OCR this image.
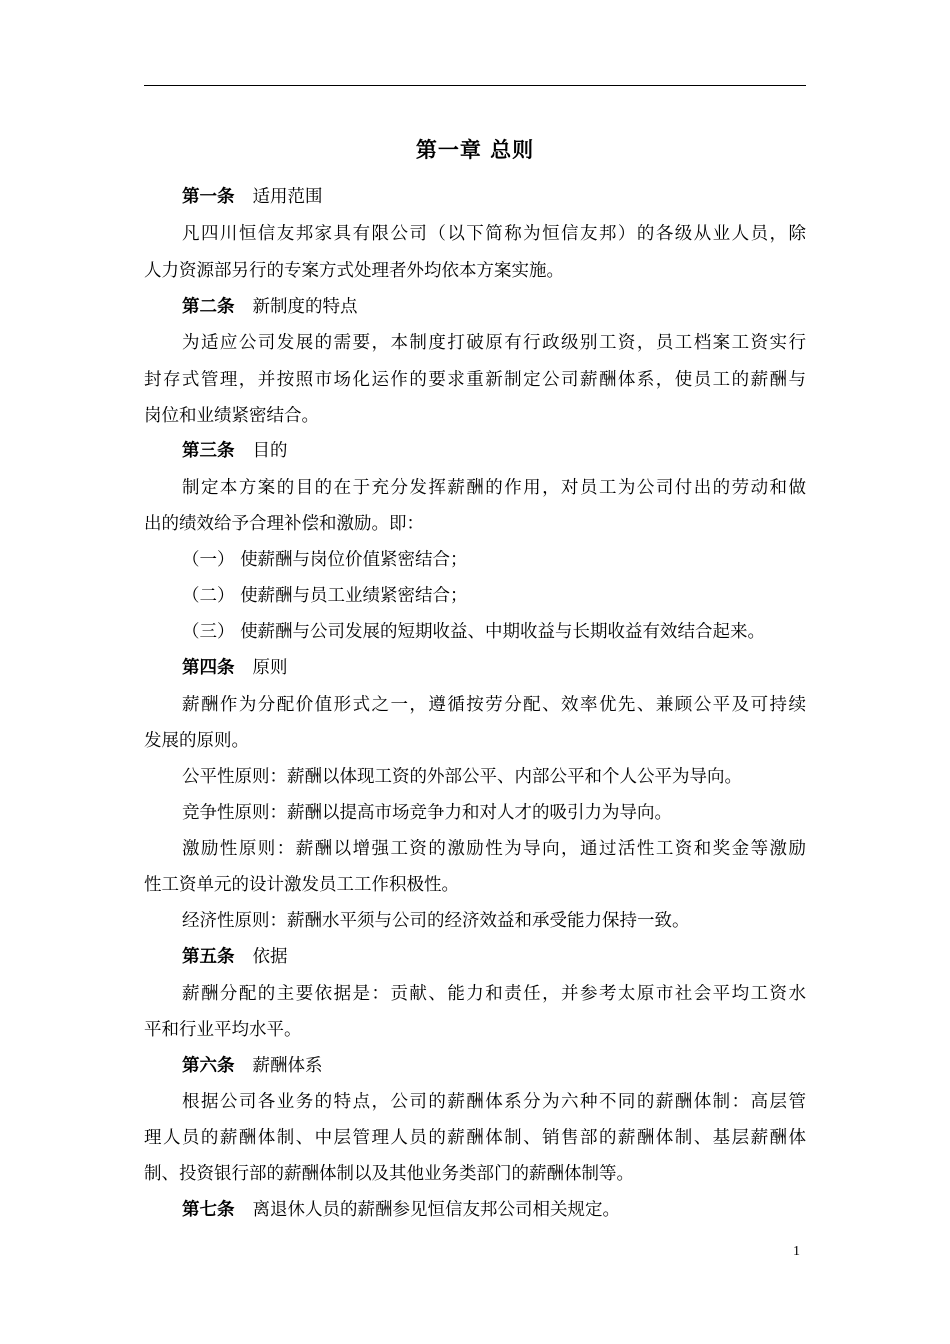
第一章 总则
第一条 适用范围
凡四川恒信友邦家具有限公司（以下简称为恒信友邦）的各级从业人员，除
人力资源部另行的专案方式处理者外均依本方案实施。
第二条 新制度的特点
为适应公司发展的需要，本制度打破原有行政级别工资，员工档案工资实行
封存式管理，并按照市场化运作的要求重新制定公司薪酬体系，使员工的薪酬与
岗位和业绩紧密结合。
第三条 目的
制定本方案的目的在于充分发挥薪酬的作用，对员工为公司付出的劳动和做
出的绩效给予合理补偿和激励。即：
（一） 使薪酬与岗位价值紧密结合；
（二） 使薪酬与员工业绩紧密结合；
（三） 使薪酬与公司发展的短期收益、中期收益与长期收益有效结合起来。
第四条 原则
薪酬作为分配价值形式之一，遵循按劳分配、效率优先、兼顾公平及可持续
发展的原则。
公平性原则：薪酬以体现工资的外部公平、内部公平和个人公平为导向。
竞争性原则：薪酬以提高市场竞争力和对人才的吸引力为导向。
激励性原则：薪酬以增强工资的激励性为导向，通过活性工资和奖金等激励
性工资单元的设计激发员工工作积极性。
经济性原则：薪酬水平须与公司的经济效益和承受能力保持一致。
第五条 依据
薪酬分配的主要依据是：贡献、能力和责任，并参考太原市社会平均工资水
平和行业平均水平。
第六条 薪酬体系
根据公司各业务的特点，公司的薪酬体系分为六种不同的薪酬体制：高层管
理人员的薪酬体制、中层管理人员的薪酬体制、销售部的薪酬体制、基层薪酬体
制、投资银行部的薪酬体制以及其他业务类部门的薪酬体制等。
第七条 离退休人员的薪酬参见恒信友邦公司相关规定。
1
